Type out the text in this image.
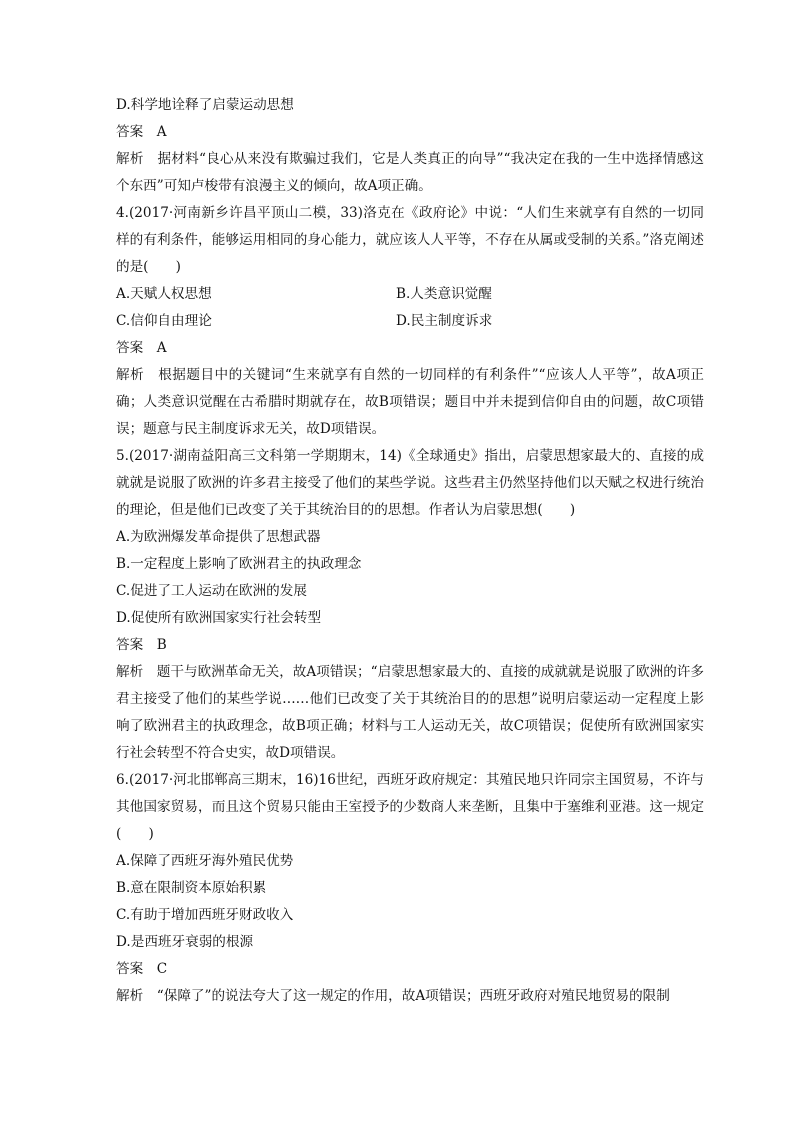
D.科学地诠释了启蒙运动思想
答案　A
解析　据材料“良心从来没有欺骗过我们，它是人类真正的向导”“我决定在我的一生中选择情感这个东西”可知卢梭带有浪漫主义的倾向，故A项正确。
4.(2017·河南新乡许昌平顶山二模，33)洛克在《政府论》中说：“人们生来就享有自然的一切同样的有利条件，能够运用相同的身心能力，就应该人人平等，不存在从属或受制的关系。”洛克阐述的是(　　)
A.天赋人权思想	B.人类意识觉醒
C.信仰自由理论	D.民主制度诉求
答案　A
解析　根据题目中的关键词“生来就享有自然的一切同样的有利条件”“应该人人平等”，故A项正确；人类意识觉醒在古希腊时期就存在，故B项错误；题目中并未提到信仰自由的问题，故C项错误；题意与民主制度诉求无关，故D项错误。
5.(2017·湖南益阳高三文科第一学期期末，14)《全球通史》指出，启蒙思想家最大的、直接的成就就是说服了欧洲的许多君主接受了他们的某些学说。这些君主仍然坚持他们以天赋之权进行统治的理论，但是他们已改变了关于其统治目的的思想。作者认为启蒙思想(　　)
A.为欧洲爆发革命提供了思想武器
B.一定程度上影响了欧洲君主的执政理念
C.促进了工人运动在欧洲的发展
D.促使所有欧洲国家实行社会转型
答案　B
解析　题干与欧洲革命无关，故A项错误；“启蒙思想家最大的、直接的成就就是说服了欧洲的许多君主接受了他们的某些学说……他们已改变了关于其统治目的的思想”说明启蒙运动一定程度上影响了欧洲君主的执政理念，故B项正确；材料与工人运动无关，故C项错误；促使所有欧洲国家实行社会转型不符合史实，故D项错误。
6.(2017·河北邯郸高三期末，16)16世纪，西班牙政府规定：其殖民地只许同宗主国贸易，不许与其他国家贸易，而且这个贸易只能由王室授予的少数商人来垄断，且集中于塞维利亚港。这一规定(　　)
A.保障了西班牙海外殖民优势
B.意在限制资本原始积累
C.有助于增加西班牙财政收入
D.是西班牙衰弱的根源
答案　C
解析　“保障了”的说法夸大了这一规定的作用，故A项错误；西班牙政府对殖民地贸易的限制
